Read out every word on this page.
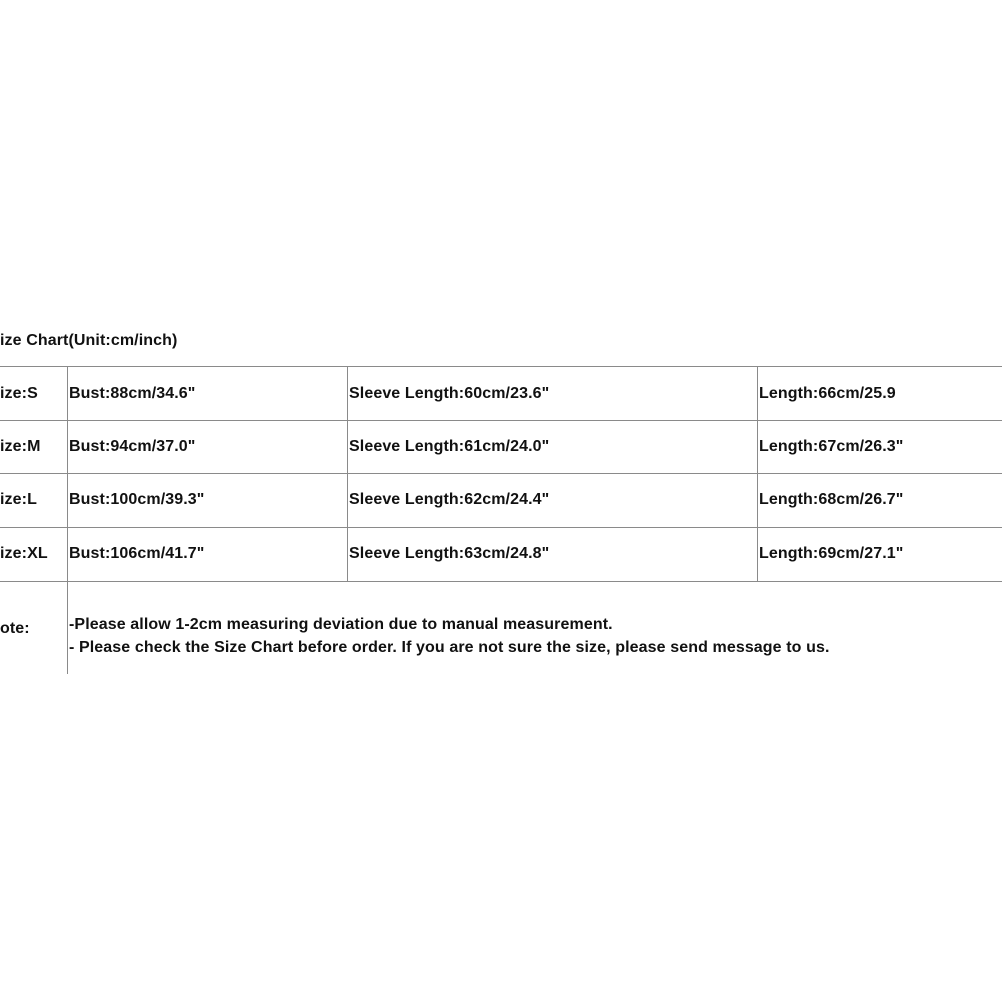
ize Chart(Unit:cm/inch)
ize:S Bust:88cm/34.6"	Sleeve Length:60cm/23.6"	Length:66cm/25.9
ize:M Bust:94cm/37.0"	Sleeve Length:61cm/24.0"	Length:67cm/26.3"
ize:L Bust:100cm/39.3"	Sleeve Length:62cm/24.4"	Length:68cm/26.7"
ize:XL Bust:106cm/41.7"	Sleeve Length:63cm/24.8"	Length:69cm/27.1"
ote: -Please allow 1-2cm measuring deviation due to manual measurement.
- Please check the Size Chart before order. If you are not sure the size, please send message to us.
